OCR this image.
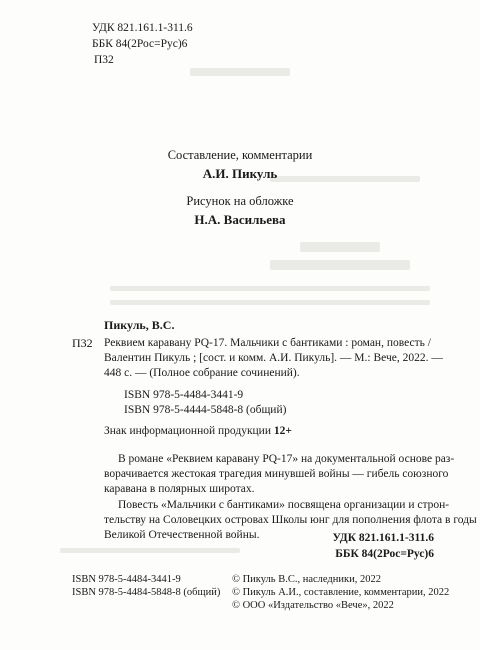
УДК 821.161.1-311.6
ББК 84(2Рос=Рус)6
П32
Составление, комментарии
А.И. Пикуль
Рисунок на обложке
Н.А. Васильева
Пикуль, В.С.
П32 Реквием каравану PQ-17. Мальчики с бантиками : роман, повесть /
Валентин Пикуль ; [сост. и комм. А.И. Пикуль]. — М.: Вече, 2022. —
448 с. — (Полное собрание сочинений).
ISBN 978-5-4484-3441-9
ISBN 978-5-4444-5848-8 (общий)
Знак информационной продукции 12+
В романе «Реквием каравану PQ-17» на документальной основе раз-
ворачивается жестокая трагедия минувшей войны — гибель союзного
каравана в полярных широтах.
Повесть «Мальчики с бантиками» посвящена организации и строн-
тельству на Соловецких островах Школы юнг для пополнения флота в годы
Великой Отечественной войны.	УДК 821.161.1-311.6
ББК 84(2Рос=Рус)6
ISBN 978-5-4484-3441-9
ISBN 978-5-4484-5848-8 (общий)
© Пикуль В.С., наследники, 2022
© Пикуль А.И., составление, комментарии, 2022
© ООО «Издательство «Вече», 2022
